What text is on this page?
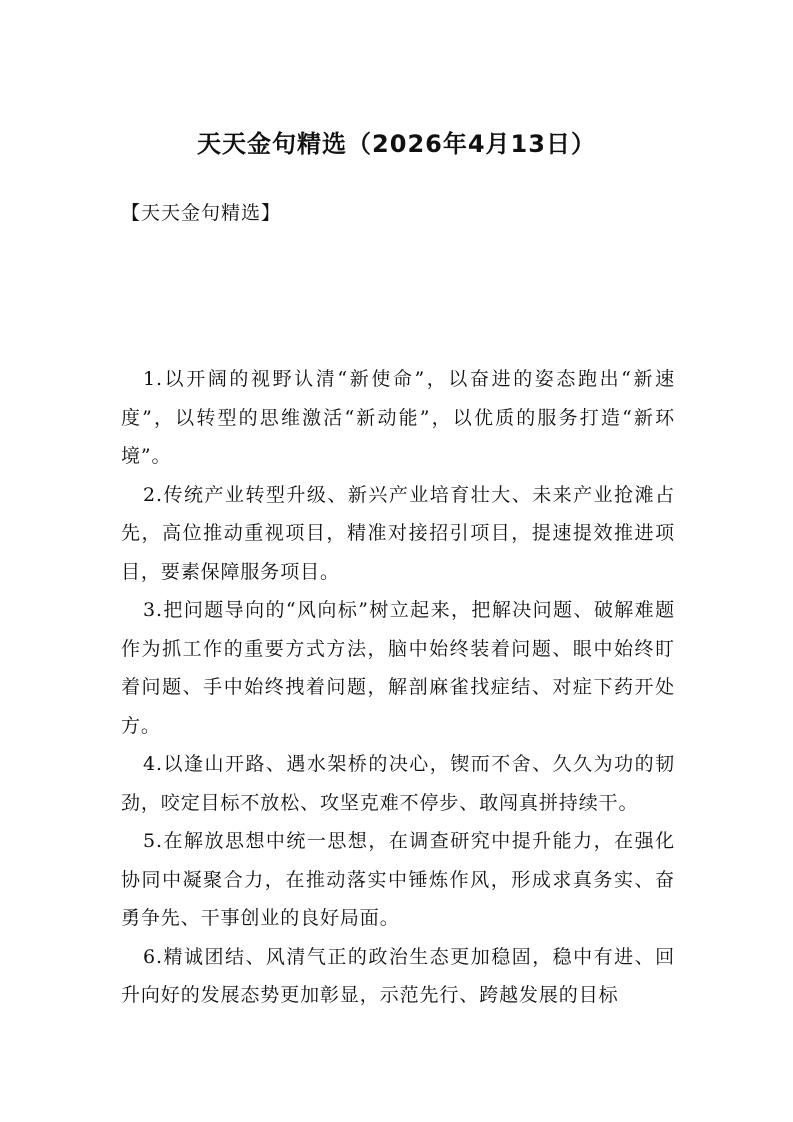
天天金句精选（2026年4月13日）

【天天金句精选】

1.以开阔的视野认清“新使命”，以奋进的姿态跑出“新速度”，以转型的思维激活“新动能”，以优质的服务打造“新环境”。

2.传统产业转型升级、新兴产业培育壮大、未来产业抢滩占先，高位推动重视项目，精准对接招引项目，提速提效推进项目，要素保障服务项目。

3.把问题导向的“风向标”树立起来，把解决问题、破解难题作为抓工作的重要方式方法，脑中始终装着问题、眼中始终盯着问题、手中始终拽着问题，解剖麻雀找症结、对症下药开处方。

4.以逢山开路、遇水架桥的决心，锲而不舍、久久为功的韧劲，咬定目标不放松、攻坚克难不停步、敢闯真拼持续干。

5.在解放思想中统一思想，在调查研究中提升能力，在强化协同中凝聚合力，在推动落实中锤炼作风，形成求真务实、奋勇争先、干事创业的良好局面。

6.精诚团结、风清气正的政治生态更加稳固，稳中有进、回升向好的发展态势更加彰显，示范先行、跨越发展的目标
